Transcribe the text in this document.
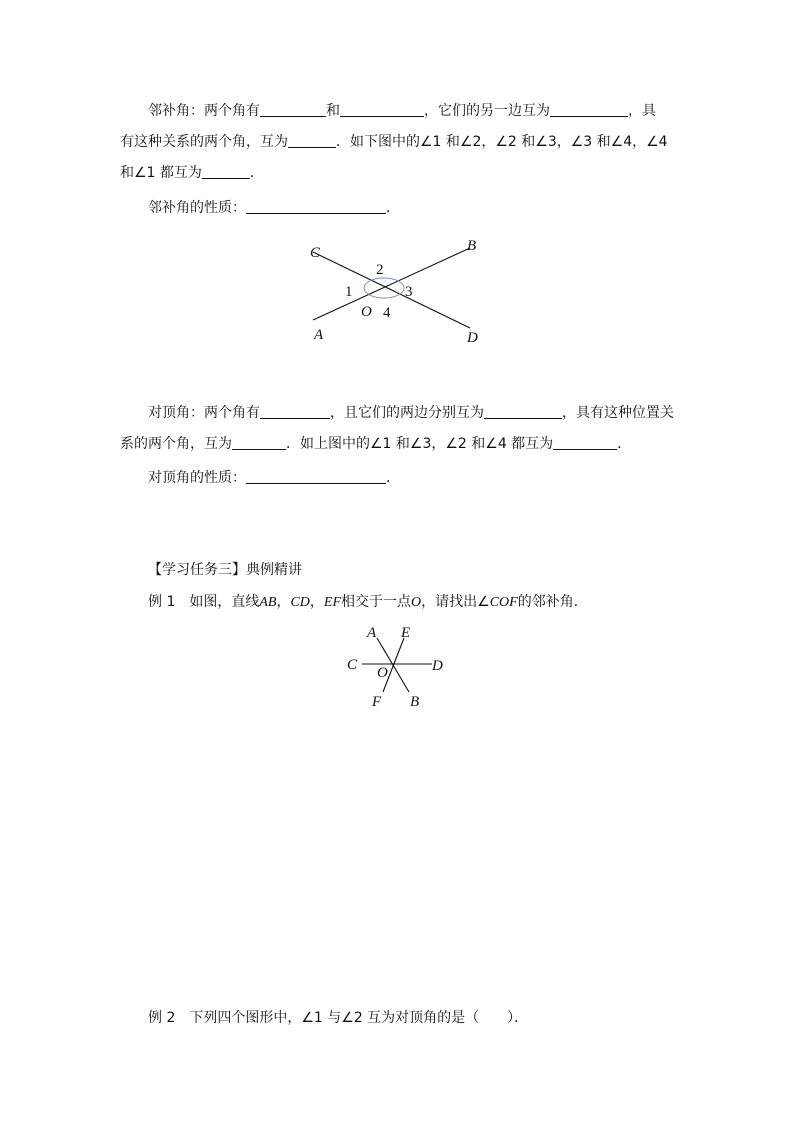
邻补角：两个角有	和	，它们的另一边互为	，具

有这种关系的两个角，互为	．如下图中的∠1 和∠2，∠2 和∠3，∠3 和∠4，∠4

和∠1 都互为	．

邻补角的性质：	．
C	B
A	D
O
1
2
3
4

对顶角：两个角有	，且它们的两边分别互为	，具有这种位置关

系的两个角，互为	．如上图中的∠1 和∠3，∠2 和∠4 都互为	．

对顶角的性质：	．
【学习任务三】典例精讲
例 1　如图，直线AB，CD，EF相交于一点O，请找出∠COF的邻补角．
A E
C	D
O
F B
例 2　下列四个图形中，∠1 与∠2 互为对顶角的是（　　）．
